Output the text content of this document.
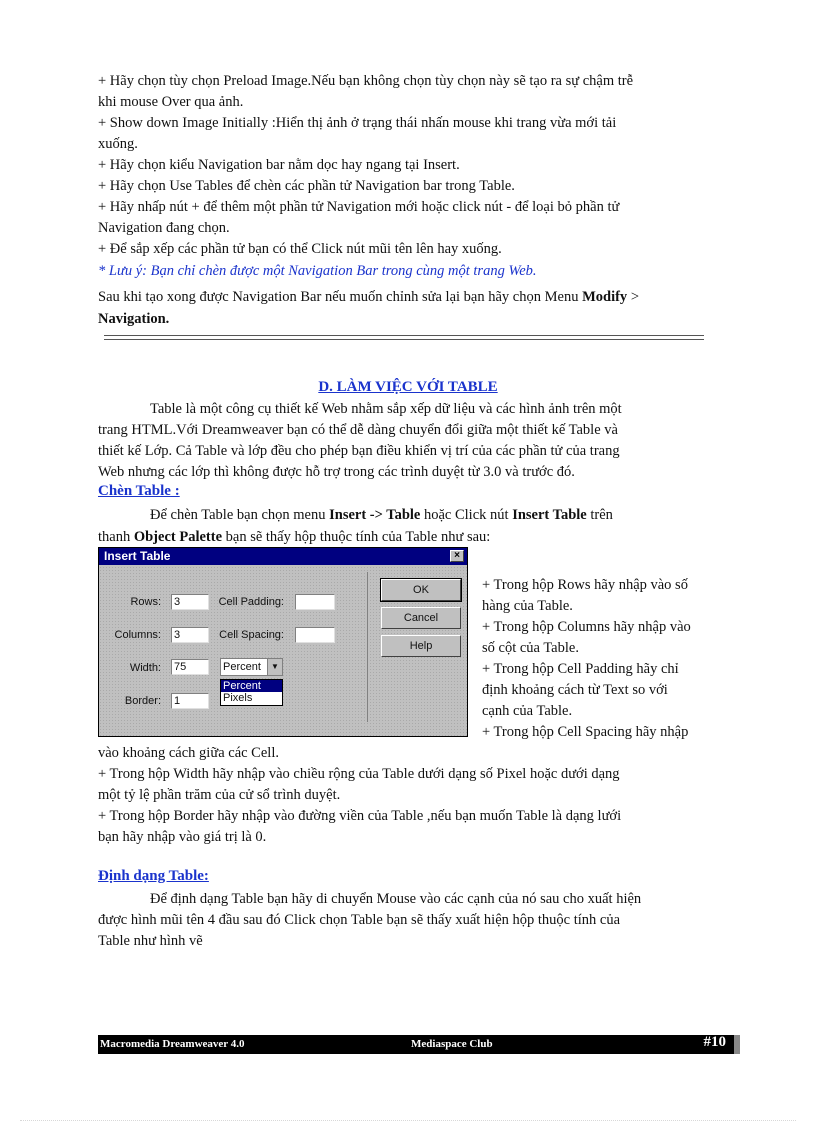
+ Hãy chọn tùy chọn Preload Image.Nếu bạn không chọn tùy chọn này sẽ tạo ra sự chậm trễ
khi mouse Over qua ảnh.
+ Show down Image Initially :Hiển thị ảnh ở trạng thái nhấn mouse khi trang vừa mới tải
xuống.
+ Hãy chọn kiểu Navigation bar nằm dọc hay ngang tại Insert.
+ Hãy chọn Use Tables để chèn các phần tử Navigation bar trong Table.
+ Hãy nhấp nút + để thêm một phần tử Navigation mới hoặc click nút - để loại bỏ phần tử
Navigation đang chọn.
+ Để sắp xếp các phần tử bạn có thể Click nút mũi tên lên hay xuống.
* Lưu ý: Bạn chỉ chèn được một Navigation Bar trong cùng một trang Web.
Sau khi tạo xong được Navigation Bar nếu muốn chỉnh sửa lại bạn hãy chọn Menu Modify >
Navigation.
D. LÀM VIỆC VỚI TABLE
Table là một công cụ thiết kế Web nhằm sắp xếp dữ liệu và các hình ảnh trên một
trang HTML.Với Dreamweaver bạn có thể dễ dàng chuyển đổi giữa một thiết kế Table và
thiết kế Lớp. Cả Table và lớp đều cho phép bạn điều khiển vị trí của các phần tử của trang
Web nhưng các lớp thì không được hỗ trợ trong các trình duyệt từ 3.0 và trước đó.
Chèn Table :
Để chèn Table bạn chọn menu Insert -> Table hoặc Click nút Insert Table trên
thanh Object Palette bạn sẽ thấy hộp thuộc tính của Table như sau:
Insert Table	×
Rows: 3	Cell Padding:
Columns: 3	Cell Spacing:
Width: 75	Percent	▼
Percent
Pixels
Border: 1
OK
Cancel
Help
+ Trong hộp Rows hãy nhập vào số
hàng của Table.
+ Trong hộp Columns hãy nhập vào
số cột của Table.
+ Trong hộp Cell Padding hãy chỉ
định khoảng cách từ Text so với
cạnh của Table.
+ Trong hộp Cell Spacing hãy nhập
vào khoảng cách giữa các Cell.
+ Trong hộp Width hãy nhập vào chiều rộng của Table dưới dạng số Pixel hoặc dưới dạng
một tỷ lệ phần trăm của cử sổ trình duyệt.
+ Trong hộp Border hãy nhập vào đường viền của Table ,nếu bạn muốn Table là dạng lưới
bạn hãy nhập vào giá trị là 0.
Định dạng Table:
Để định dạng Table bạn hãy di chuyển Mouse vào các cạnh của nó sau cho xuất hiện
được hình mũi tên 4 đầu sau đó Click chọn Table bạn sẽ thấy xuất hiện hộp thuộc tính của
Table như hình vẽ
Macromedia Dreamweaver 4.0	Mediaspace Club	#10
